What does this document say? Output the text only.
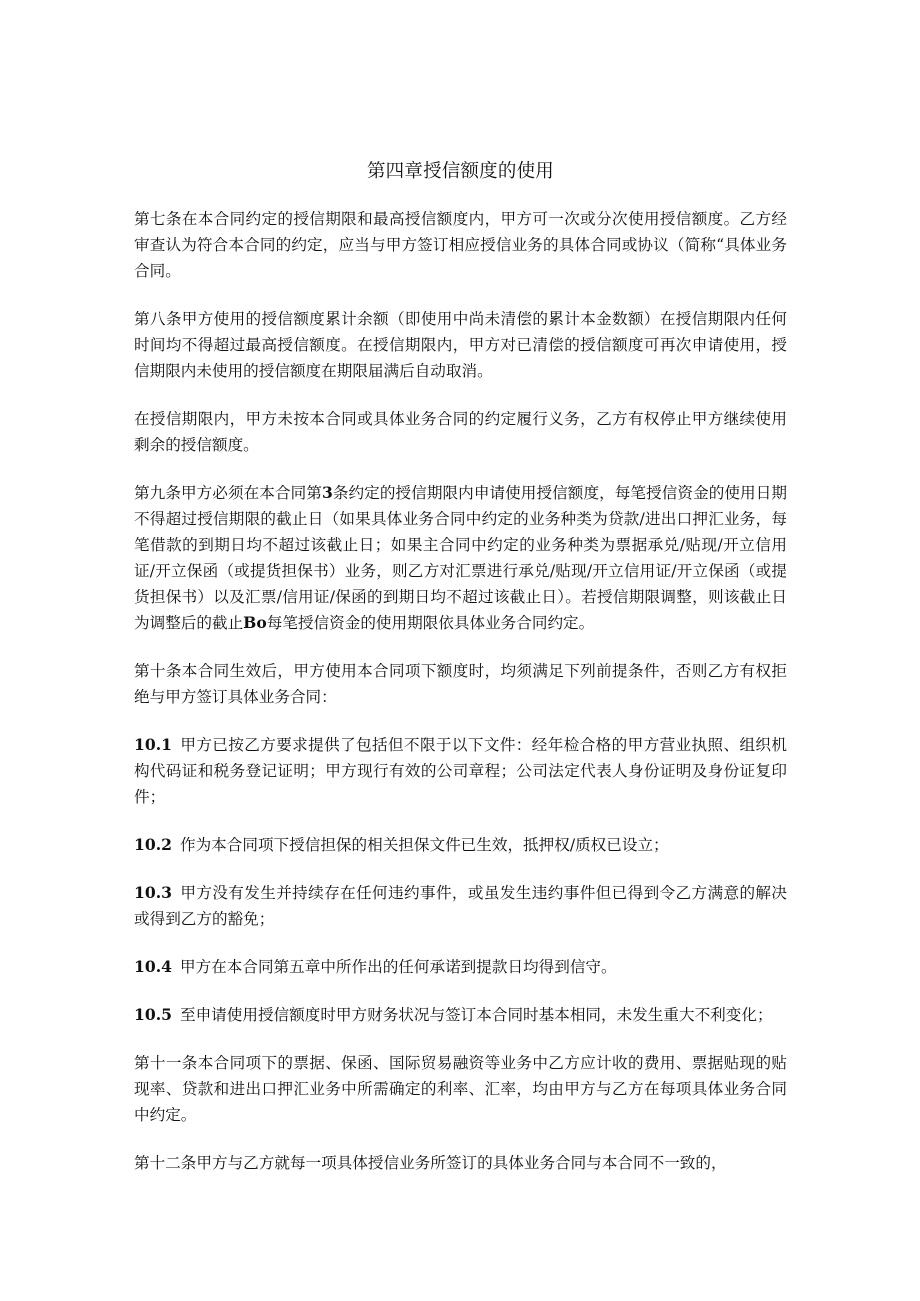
第四章授信额度的使用

第七条在本合同约定的授信期限和最高授信额度内，甲方可一次或分次使用授信额度。乙方经审查认为符合本合同的约定，应当与甲方签订相应授信业务的具体合同或协议（简称“具体业务合同。

第八条甲方使用的授信额度累计余额（即使用中尚未清偿的累计本金数额）在授信期限内任何时间均不得超过最高授信额度。在授信期限内，甲方对已清偿的授信额度可再次申请使用，授信期限内未使用的授信额度在期限届满后自动取消。

在授信期限内，甲方未按本合同或具体业务合同的约定履行义务，乙方有权停止甲方继续使用剩余的授信额度。

第九条甲方必须在本合同第3条约定的授信期限内申请使用授信额度，每笔授信资金的使用日期不得超过授信期限的截止日（如果具体业务合同中约定的业务种类为贷款/进出口押汇业务，每笔借款的到期日均不超过该截止日；如果主合同中约定的业务种类为票据承兑/贴现/开立信用证/开立保函（或提货担保书）业务，则乙方对汇票进行承兑/贴现/开立信用证/开立保函（或提货担保书）以及汇票/信用证/保函的到期日均不超过该截止日）。若授信期限调整，则该截止日为调整后的截止Bo每笔授信资金的使用期限依具体业务合同约定。

第十条本合同生效后，甲方使用本合同项下额度时，均须满足下列前提条件，否则乙方有权拒绝与甲方签订具体业务合同：

10.1 甲方已按乙方要求提供了包括但不限于以下文件：经年检合格的甲方营业执照、组织机构代码证和税务登记证明；甲方现行有效的公司章程；公司法定代表人身份证明及身份证复印件；

10.2 作为本合同项下授信担保的相关担保文件已生效，抵押权/质权已设立；

10.3 甲方没有发生并持续存在任何违约事件，或虽发生违约事件但已得到令乙方满意的解决或得到乙方的豁免；

10.4 甲方在本合同第五章中所作出的任何承诺到提款日均得到信守。

10.5 至申请使用授信额度时甲方财务状况与签订本合同时基本相同，未发生重大不利变化；

第十一条本合同项下的票据、保函、国际贸易融资等业务中乙方应计收的费用、票据贴现的贴现率、贷款和进出口押汇业务中所需确定的利率、汇率，均由甲方与乙方在每项具体业务合同中约定。

第十二条甲方与乙方就每一项具体授信业务所签订的具体业务合同与本合同不一致的，
